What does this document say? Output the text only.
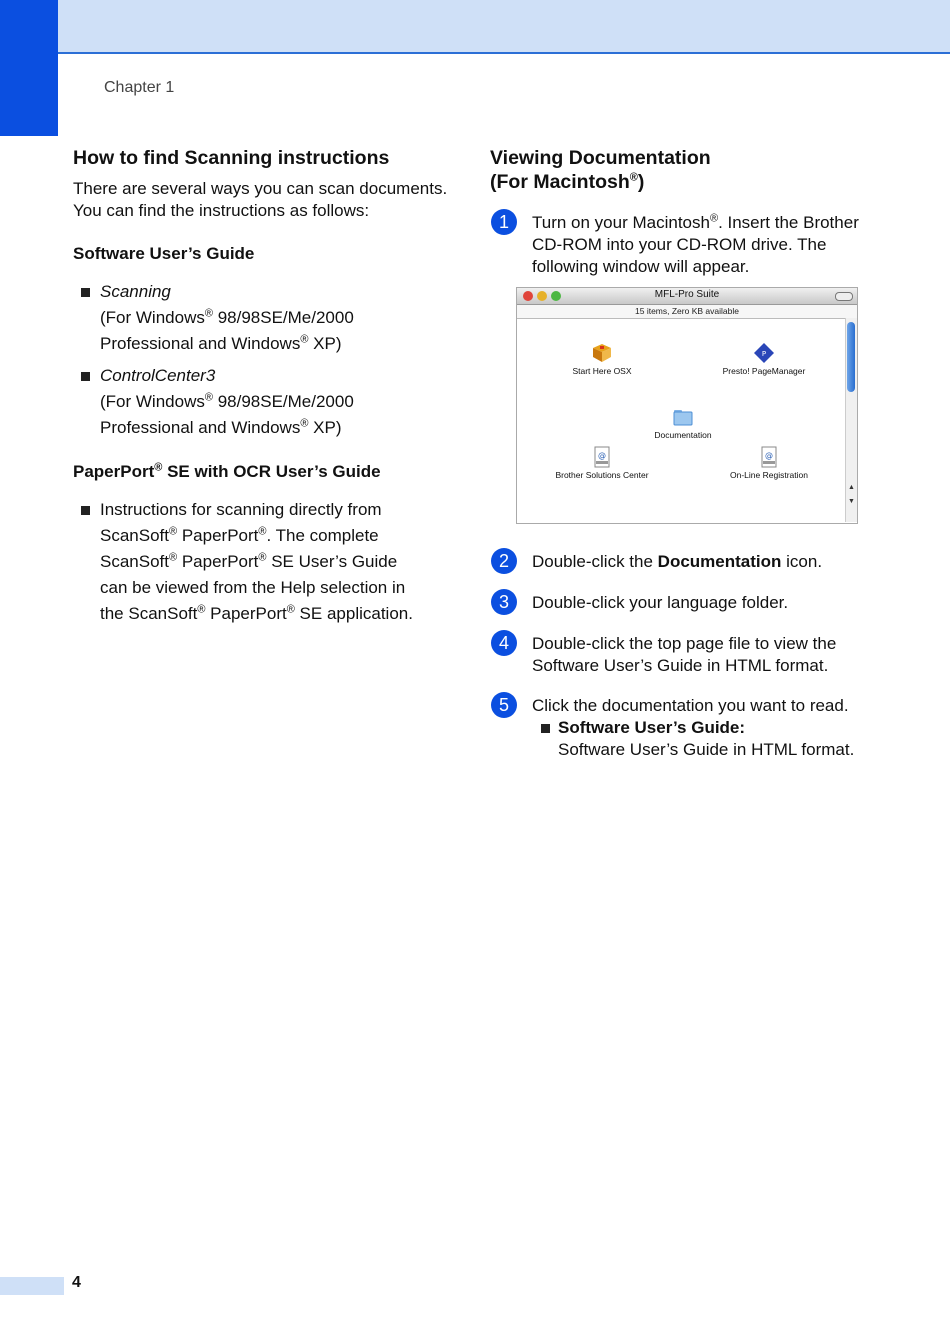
Chapter 1
How to find Scanning instructions

There are several ways you can scan documents. You can find the instructions as follows:

Software User’s Guide
Scanning
(For Windows® 98/98SE/Me/2000
Professional and Windows® XP)
ControlCenter3
(For Windows® 98/98SE/Me/2000
Professional and Windows® XP)
PaperPort® SE with OCR User’s Guide
Instructions for scanning directly from
ScanSoft® PaperPort®. The complete
ScanSoft® PaperPort® SE User’s Guide
can be viewed from the Help selection in
the ScanSoft® PaperPort® SE application.
Viewing Documentation
(For Macintosh®)
1	Turn on your Macintosh®. Insert the Brother CD-ROM into your CD-ROM drive. The following window will appear.
2	Double-click the Documentation icon.
3	Double-click your language folder.
4	Double-click the top page file to view the Software User’s Guide in HTML format.
5	Click the documentation you want to read.
Software User’s Guide:
Software User’s Guide in HTML format.
MFL-Pro Suite
15 items, Zero KB available
Start Here OSX
P
Presto! PageManager
Documentation
@
Brother Solutions Center
@
On-Line Registration
▲
▼
4
